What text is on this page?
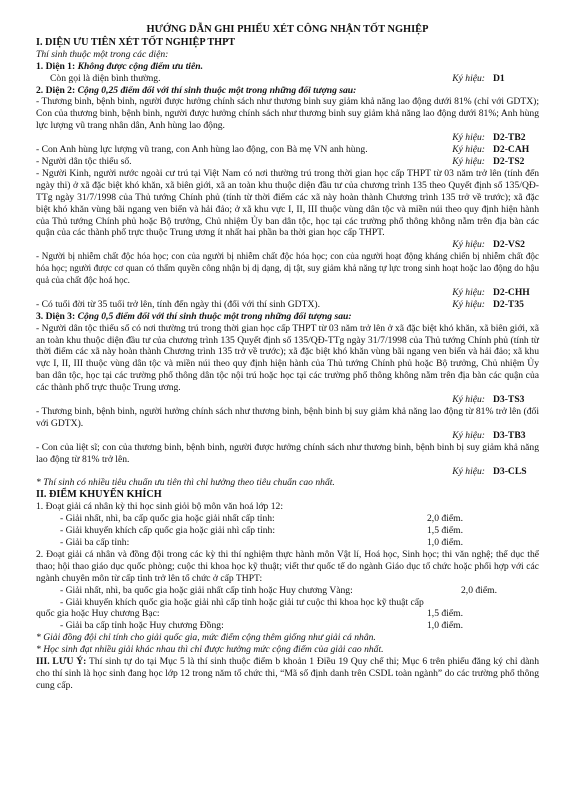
HƯỚNG DẪN GHI PHIẾU XÉT CÔNG NHẬN TỐT NGHIỆP
I. DIỆN ƯU TIÊN XÉT TỐT NGHIỆP THPT
Thí sinh thuộc một trong các diện:
1. Diện 1: Không được cộng điểm ưu tiên.
Còn gọi là diện bình thường.	Ký hiệu: D1
2. Diện 2: Cộng 0,25 điểm đối với thí sinh thuộc một trong những đối tượng sau:
- Thương binh, bệnh binh, người được hưởng chính sách như thương binh suy giảm khả năng lao động dưới 81% (chỉ với GDTX); Con của thương binh, bệnh binh, người được hưởng chính sách như thương binh suy giảm khả năng lao động dưới 81%; Anh hùng lực lượng vũ trang nhân dân, Anh hùng lao động.
Ký hiệu: D2-TB2
- Con Anh hùng lực lượng vũ trang, con Anh hùng lao động, con Bà mẹ VN anh hùng.	Ký hiệu: D2-CAH
- Người dân tộc thiểu số.	Ký hiệu: D2-TS2
- Người Kinh, người nước ngoài cư trú tại Việt Nam có nơi thường trú trong thời gian học cấp THPT từ 03 năm trở lên (tính đến ngày thi) ở xã đặc biệt khó khăn, xã biên giới, xã an toàn khu thuộc diện đầu tư của chương trình 135 theo Quyết định số 135/QĐ-TTg ngày 31/7/1998 của Thủ tướng Chính phủ (tính từ thời điểm các xã này hoàn thành Chương trình 135 trở về trước); xã đặc biệt khó khăn vùng bãi ngang ven biển và hải đảo; ở xã khu vực I, II, III thuộc vùng dân tộc và miền núi theo quy định hiện hành của Thủ tướng Chính phủ hoặc Bộ trưởng, Chủ nhiệm Ủy ban dân tộc, học tại các trường phổ thông không nằm trên địa bàn các quận của các thành phố trực thuộc Trung ương ít nhất hai phần ba thời gian học cấp THPT.
Ký hiệu: D2-VS2
- Người bị nhiễm chất độc hóa học; con của người bị nhiễm chất độc hóa học; con của người hoạt động kháng chiến bị nhiễm chất độc hóa học; người được cơ quan có thẩm quyền công nhận bị dị dạng, dị tật, suy giảm khả năng tự lực trong sinh hoạt hoặc lao động do hậu quả của chất độc hoá học.
Ký hiệu: D2-CHH
- Có tuổi đời từ 35 tuổi trở lên, tính đến ngày thi (đối với thí sinh GDTX).	Ký hiệu: D2-T35
3. Diện 3: Cộng 0,5 điểm đối với thí sinh thuộc một trong những đối tượng sau:
- Người dân tộc thiểu số có nơi thường trú trong thời gian học cấp THPT từ 03 năm trở lên ở xã đặc biệt khó khăn, xã biên giới, xã an toàn khu thuộc diện đầu tư của chương trình 135 Quyết định số 135/QĐ-TTg ngày 31/7/1998 của Thủ tướng Chính phủ (tính từ thời điểm các xã này hoàn thành Chương trình 135 trở về trước); xã đặc biệt khó khăn vùng bãi ngang ven biển và hải đảo; xã khu vực I, II, III thuộc vùng dân tộc và miền núi theo quy định hiện hành của Thủ tướng Chính phủ hoặc Bộ trưởng, Chủ nhiệm Ủy ban dân tộc, học tại các trường phổ thông dân tộc nội trú hoặc học tại các trường phổ thông không nằm trên địa bàn các quận của các thành phố trực thuộc Trung ương.
Ký hiệu: D3-TS3
- Thương binh, bệnh binh, người hưởng chính sách như thương binh, bệnh binh bị suy giảm khả năng lao động từ 81% trở lên (đối với GDTX).
Ký hiệu: D3-TB3
- Con của liệt sĩ; con của thương binh, bệnh binh, người được hưởng chính sách như thương binh, bệnh binh bị suy giảm khả năng lao động từ 81% trở lên.
Ký hiệu: D3-CLS
* Thí sinh có nhiều tiêu chuẩn ưu tiên thì chỉ hưởng theo tiêu chuẩn cao nhất.
II. ĐIỂM KHUYẾN KHÍCH
1. Đoạt giải cá nhân kỳ thi học sinh giỏi bộ môn văn hoá lớp 12:
- Giải nhất, nhì, ba cấp quốc gia hoặc giải nhất cấp tỉnh:	2,0 điểm.
- Giải khuyến khích cấp quốc gia hoặc giải nhì cấp tỉnh:	1,5 điểm.
- Giải ba cấp tỉnh:	1,0 điểm.
2. Đoạt giải cá nhân và đồng đội trong các kỳ thi thí nghiệm thực hành môn Vật lí, Hoá học, Sinh học; thi văn nghệ; thể dục thể thao; hội thao giáo dục quốc phòng; cuộc thi khoa học kỹ thuật; viết thư quốc tế do ngành Giáo dục tổ chức hoặc phối hợp với các ngành chuyên môn từ cấp tỉnh trở lên tổ chức ở cấp THPT:
- Giải nhất, nhì, ba quốc gia hoặc giải nhất cấp tỉnh hoặc Huy chương Vàng:	2,0 điểm.
- Giải khuyến khích quốc gia hoặc giải nhì cấp tỉnh hoặc giải tư cuộc thi khoa học kỹ thuật cấp
quốc gia hoặc Huy chương Bạc:	1,5 điểm.
- Giải ba cấp tỉnh hoặc Huy chương Đồng:	1,0 điểm.
* Giải đồng đội chỉ tính cho giải quốc gia, mức điểm cộng thêm giống như giải cá nhân.
* Học sinh đạt nhiều giải khác nhau thì chỉ được hưởng mức cộng điểm của giải cao nhất.
III. LƯU Ý: Thí sinh tự do tại Mục 5 là thí sinh thuộc điểm b khoản 1 Điều 19 Quy chế thi; Mục 6 trên phiếu đăng ký chỉ dành cho thí sinh là học sinh đang học lớp 12 trong năm tổ chức thi, “Mã số định danh trên CSDL toàn ngành” do các trường phổ thông cung cấp.
